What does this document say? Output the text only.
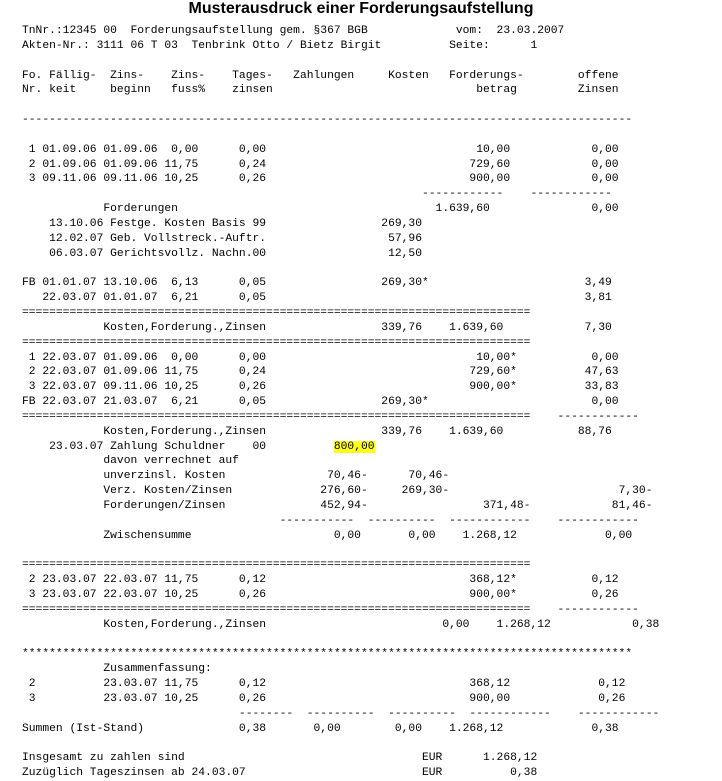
Musterausdruck einer Forderungsaufstellung
TnNr.:12345 00  Forderungsaufstellung gem. §367 BGB             vom:  23.03.2007
Akten-Nr.: 3111 06 T 03  Tenbrink Otto / Bietz Birgit          Seite:      1
Fo. Fällig-  Zins-    Zins-    Tages-   Zahlungen     Kosten   Forderungs-        offene
Nr. keit     beginn   fuss%    zinsen                              betrag         Zinsen
------------------------------------------------------------------------------------------
1 01.09.06 01.09.06  0,00      0,00                               10,00            0,00
2 01.09.06 01.09.06 11,75      0,24                              729,60            0,00
3 09.11.06 09.11.06 10,25      0,26                              900,00            0,00
------------    ------------
Forderungen                                      1.639,60               0,00
13.10.06 Festge. Kosten Basis 99                 269,30
12.02.07 Geb. Vollstreck.-Auftr.                  57,96
06.03.07 Gerichtsvollz. Nachn.00                  12,50
FB 01.01.07 13.10.06  6,13      0,05                 269,30*                       3,49
22.03.07 01.01.07  6,21      0,05                                               3,81
===========================================================================
Kosten,Forderung.,Zinsen                 339,76    1.639,60            7,30
===========================================================================
1 22.03.07 01.09.06  0,00      0,00                               10,00*           0,00
2 22.03.07 01.09.06 11,75      0,24                              729,60*          47,63
3 22.03.07 09.11.06 10,25      0,26                              900,00*          33,83
FB 22.03.07 21.03.07  6,21      0,05                 269,30*                        0,00
===========================================================================    ------------
Kosten,Forderung.,Zinsen                 339,76    1.639,60           88,76
23.03.07 Zahlung Schuldner    00          800,00
davon verrechnet auf
unverzinsl. Kosten               70,46-      70,46-
Verz. Kosten/Zinsen             276,60-     269,30-                         7,30-
Forderungen/Zinsen              452,94-                 371,48-            81,46-
-----------  ----------  ------------    ------------
Zwischensumme                     0,00       0,00    1.268,12             0,00
===========================================================================
2 23.03.07 22.03.07 11,75      0,12                              368,12*           0,12
3 23.03.07 22.03.07 10,25      0,26                              900,00*           0,26
===========================================================================    ------------
Kosten,Forderung.,Zinsen                          0,00    1.268,12            0,38
******************************************************************************************
Zusammenfassung:
2          23.03.07 11,75      0,12                              368,12             0,12
3          23.03.07 10,25      0,26                              900,00             0,26
--------  ----------  ----------  ------------    ------------
Summen (Ist-Stand)              0,38       0,00        0,00    1.268,12             0,38
Insgesamt zu zahlen sind                                   EUR      1.268,12
Zuzüglich Tageszinsen ab 24.03.07                          EUR          0,38
